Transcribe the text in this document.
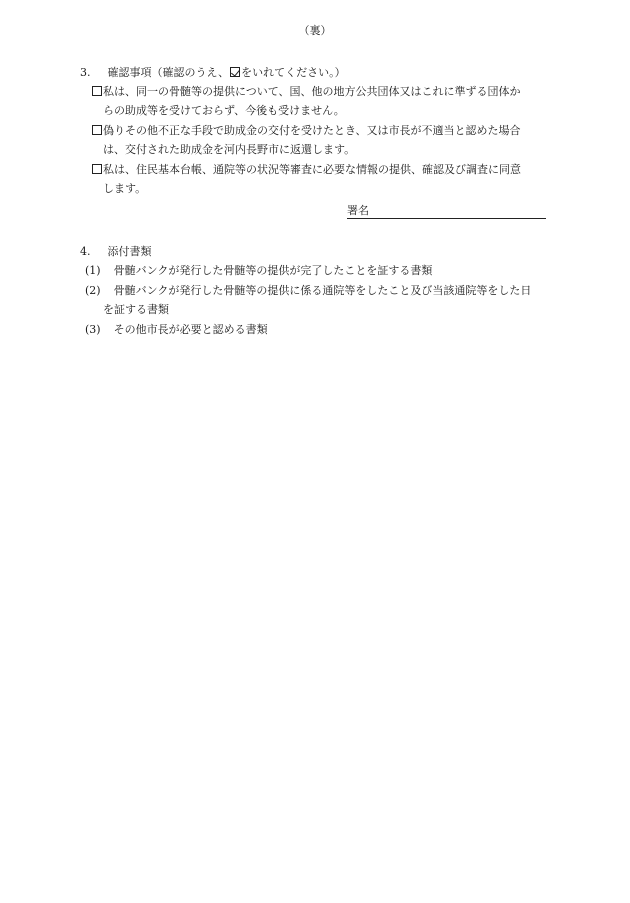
（裏）
3. 確認事項（確認のうえ、 をいれてください。）
私は、同一の骨髄等の提供について、国、他の地方公共団体又はこれに準ずる団体か
らの助成等を受けておらず、今後も受けません。
偽りその他不正な手段で助成金の交付を受けたとき、又は市長が不適当と認めた場合
は、交付された助成金を河内長野市に返還します。
私は、住民基本台帳、通院等の状況等審査に必要な情報の提供、確認及び調査に同意
します。
署名
4. 添付書類
(1) 骨髄バンクが発行した骨髄等の提供が完了したことを証する書類
(2) 骨髄バンクが発行した骨髄等の提供に係る通院等をしたこと及び当該通院等をした日
を証する書類
(3) その他市長が必要と認める書類
